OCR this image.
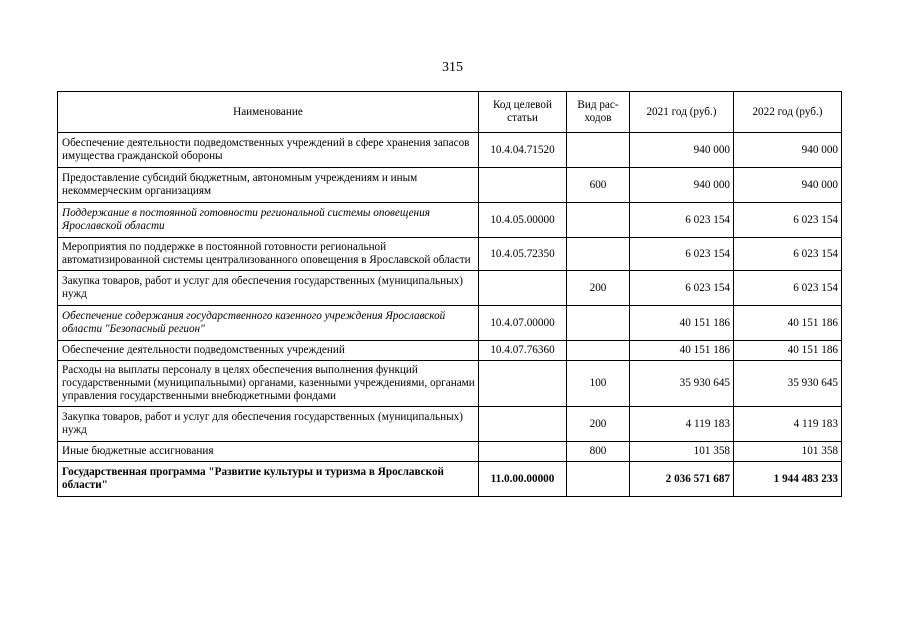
315
Наименование	Код целевой статьи	Вид рас-ходов	2021 год (руб.)	2022 год (руб.)
Обеспечение деятельности подведомственных учреждений в сфере хранения запасов имущества гражданской обороны	10.4.04.71520		940 000	940 000
Предоставление субсидий бюджетным, автономным учреждениям и иным некоммерческим организациям		600	940 000	940 000
Поддержание в постоянной готовности региональной системы оповещения Ярославской области	10.4.05.00000		6 023 154	6 023 154
Мероприятия по поддержке в постоянной готовности региональной автоматизированной системы централизованного оповещения в Ярославской области	10.4.05.72350		6 023 154	6 023 154
Закупка товаров, работ и услуг для обеспечения государственных (муниципальных) нужд		200	6 023 154	6 023 154
Обеспечение содержания государственного казенного учреждения Ярославской области "Безопасный регион"	10.4.07.00000		40 151 186	40 151 186
Обеспечение деятельности подведомственных учреждений	10.4.07.76360		40 151 186	40 151 186
Расходы на выплаты персоналу в целях обеспечения выполнения функций государственными (муниципальными) органами, казенными учреждениями, органами управления государственными внебюджетными фондами		100	35 930 645	35 930 645
Закупка товаров, работ и услуг для обеспечения государственных (муниципальных) нужд		200	4 119 183	4 119 183
Иные бюджетные ассигнования		800	101 358	101 358
Государственная программа "Развитие культуры и туризма в Ярославской области"	11.0.00.00000		2 036 571 687	1 944 483 233
